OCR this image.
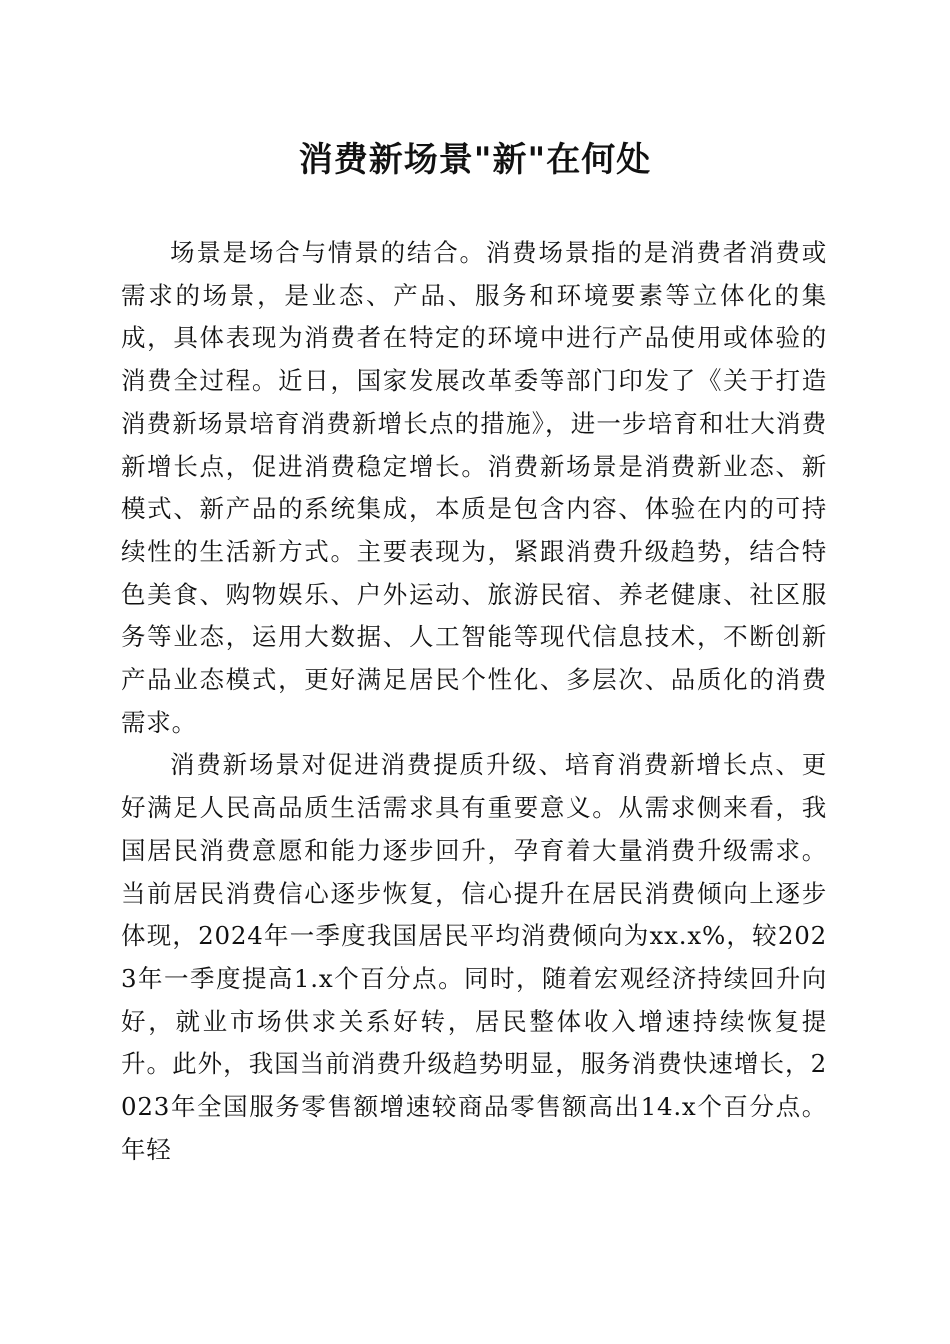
消费新场景"新"在何处

场景是场合与情景的结合。消费场景指的是消费者消费或需求的场景，是业态、产品、服务和环境要素等立体化的集成，具体表现为消费者在特定的环境中进行产品使用或体验的消费全过程。近日，国家发展改革委等部门印发了《关于打造消费新场景培育消费新增长点的措施》，进一步培育和壮大消费新增长点，促进消费稳定增长。消费新场景是消费新业态、新模式、新产品的系统集成，本质是包含内容、体验在内的可持续性的生活新方式。主要表现为，紧跟消费升级趋势，结合特色美食、购物娱乐、户外运动、旅游民宿、养老健康、社区服务等业态，运用大数据、人工智能等现代信息技术，不断创新产品业态模式，更好满足居民个性化、多层次、品质化的消费需求。

消费新场景对促进消费提质升级、培育消费新增长点、更好满足人民高品质生活需求具有重要意义。从需求侧来看，我国居民消费意愿和能力逐步回升，孕育着大量消费升级需求。当前居民消费信心逐步恢复，信心提升在居民消费倾向上逐步体现，2024年一季度我国居民平均消费倾向为xx.x%，较2023年一季度提高1.x个百分点。同时，随着宏观经济持续回升向好，就业市场供求关系好转，居民整体收入增速持续恢复提升。此外，我国当前消费升级趋势明显，服务消费快速增长，2023年全国服务零售额增速较商品零售额高出14.x个百分点。年轻
